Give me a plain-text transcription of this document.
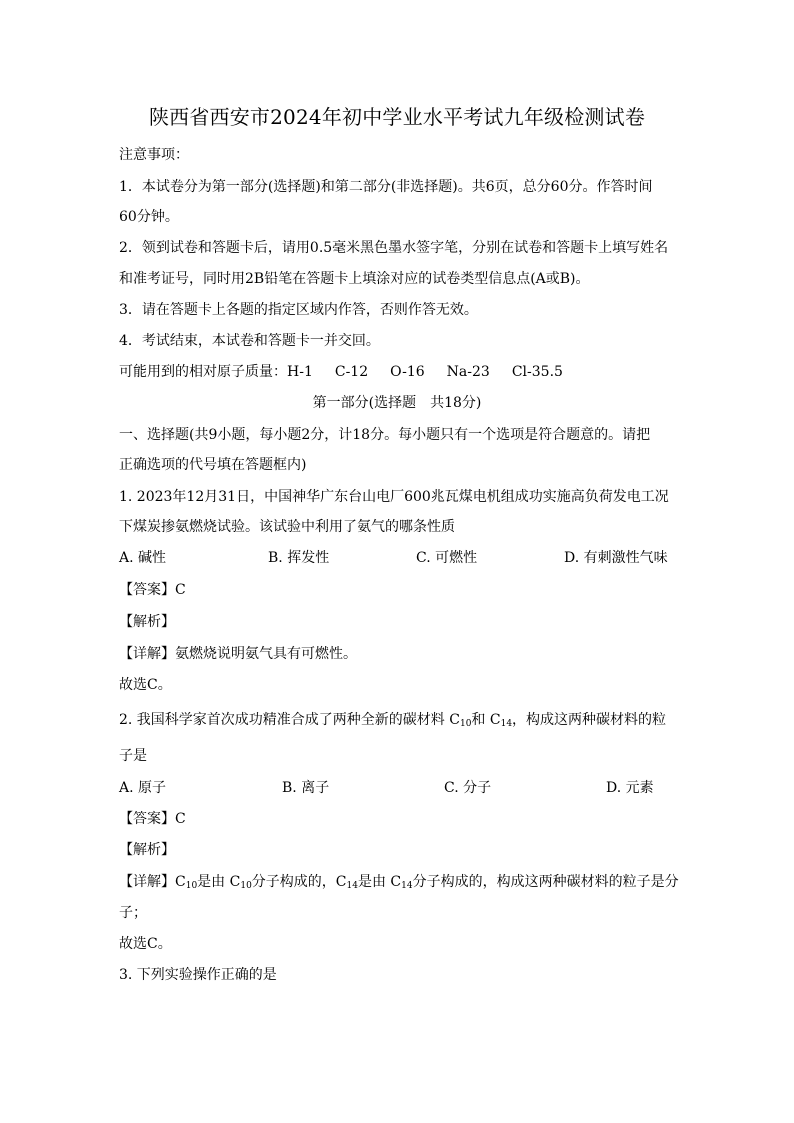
陕西省西安市2024年初中学业水平考试九年级检测试卷
注意事项：
1．本试卷分为第一部分(选择题)和第二部分(非选择题)。共6页，总分60分。作答时间
60分钟。
2．领到试卷和答题卡后，请用0.5毫米黑色墨水签字笔，分别在试卷和答题卡上填写姓名
和准考证号，同时用2B铅笔在答题卡上填涂对应的试卷类型信息点(A或B)。
3．请在答题卡上各题的指定区域内作答，否则作答无效。
4．考试结束，本试卷和答题卡一并交回。
可能用到的相对原子质量：H-1 C-12 O-16 Na-23 Cl-35.5
第一部分(选择题　共18分)
一、选择题(共9小题，每小题2分，计18分。每小题只有一个选项是符合题意的。请把
正确选项的代号填在答题框内)
1. 2023年12月31日，中国神华广东台山电厂600兆瓦煤电机组成功实施高负荷发电工况
下煤炭掺氨燃烧试验。该试验中利用了氨气的哪条性质
A. 碱性	B. 挥发性	C. 可燃性	D. 有刺激性气味
【答案】C
【解析】
【详解】氨燃烧说明氨气具有可燃性。
故选C。
2. 我国科学家首次成功精准合成了两种全新的碳材料 $C_{10}$和 $C_{14}$，构成这两种碳材料的粒
子是
A. 原子	B. 离子	C. 分子	D. 元素
【答案】C
【解析】
【详解】$C_{10}$是由 $C_{10}$分子构成的，$C_{14}$是由 $C_{14}$分子构成的，构成这两种碳材料的粒子是分
子；
故选C。
3. 下列实验操作正确的是
